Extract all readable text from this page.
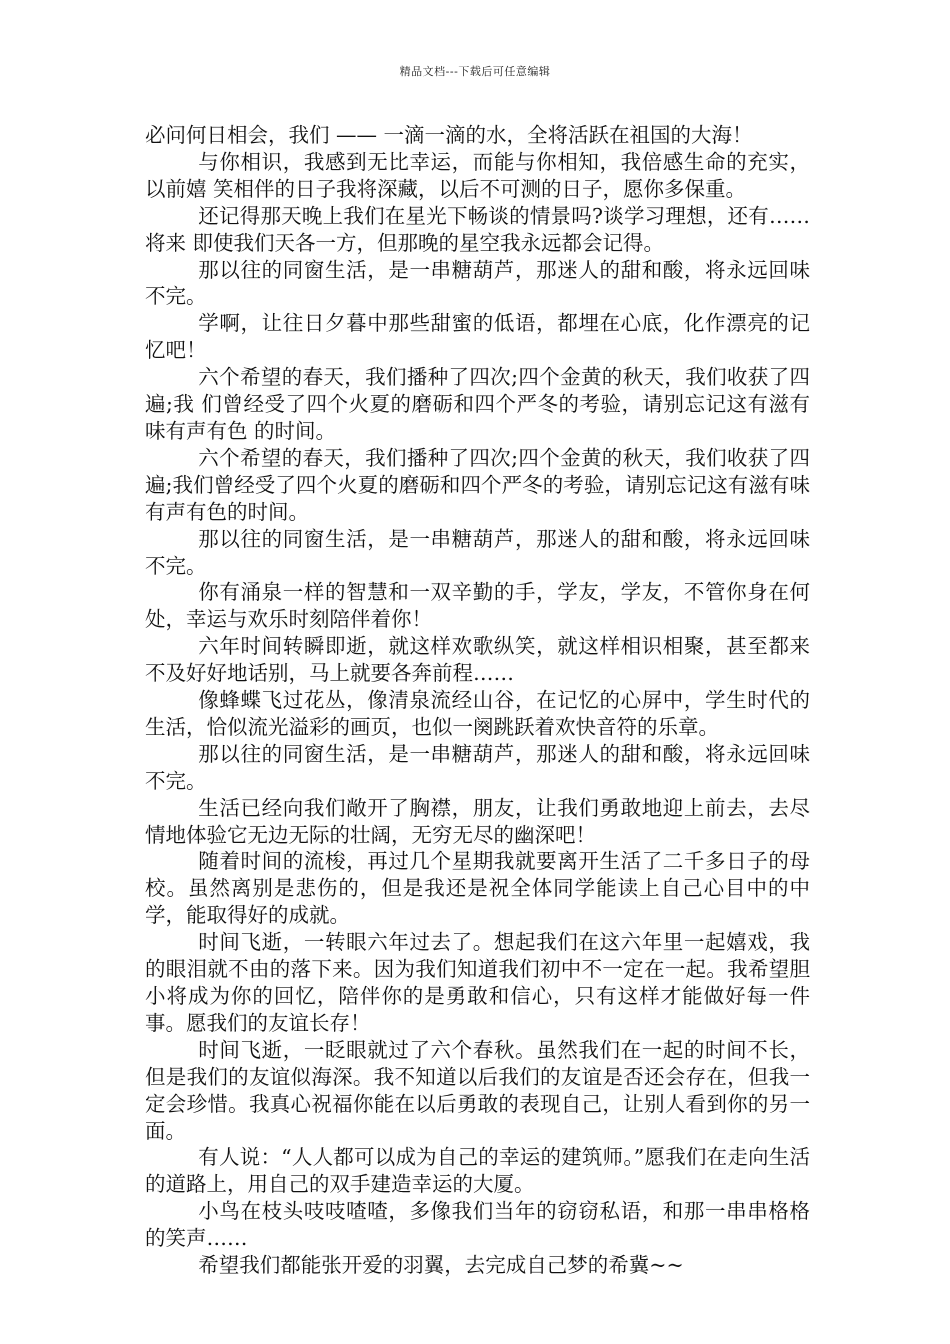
精品文档---下载后可任意编辑

必问何日相会，我们 —— 一滴一滴的水，全将活跃在祖国的大海！

与你相识，我感到无比幸运，而能与你相知，我倍感生命的充实，以前嬉 笑相伴的日子我将深藏，以后不可测的日子，愿你多保重。

还记得那天晚上我们在星光下畅谈的情景吗?谈学习理想，还有……将来 即使我们天各一方，但那晚的星空我永远都会记得。

那以往的同窗生活，是一串糖葫芦，那迷人的甜和酸，将永远回味不完。

学啊，让往日夕暮中那些甜蜜的低语，都埋在心底，化作漂亮的记忆吧！

六个希望的春天，我们播种了四次;四个金黄的秋天，我们收获了四遍;我 们曾经受了四个火夏的磨砺和四个严冬的考验，请别忘记这有滋有味有声有色 的时间。

六个希望的春天，我们播种了四次;四个金黄的秋天，我们收获了四遍;我们曾经受了四个火夏的磨砺和四个严冬的考验，请别忘记这有滋有味有声有色的时间。

那以往的同窗生活，是一串糖葫芦，那迷人的甜和酸，将永远回味不完。

你有涌泉一样的智慧和一双辛勤的手，学友，学友，不管你身在何处，幸运与欢乐时刻陪伴着你！

六年时间转瞬即逝，就这样欢歌纵笑，就这样相识相聚，甚至都来不及好好地话别，马上就要各奔前程……

像蜂蝶飞过花丛，像清泉流经山谷，在记忆的心屏中，学生时代的生活，恰似流光溢彩的画页，也似一阕跳跃着欢快音符的乐章。

那以往的同窗生活，是一串糖葫芦，那迷人的甜和酸，将永远回味不完。

生活已经向我们敞开了胸襟，朋友，让我们勇敢地迎上前去，去尽情地体验它无边无际的壮阔，无穷无尽的幽深吧！

随着时间的流梭，再过几个星期我就要离开生活了二千多日子的母校。虽然离别是悲伤的，但是我还是祝全体同学能读上自己心目中的中学，能取得好的成就。

时间飞逝，一转眼六年过去了。想起我们在这六年里一起嬉戏，我的眼泪就不由的落下来。因为我们知道我们初中不一定在一起。我希望胆小将成为你的回忆，陪伴你的是勇敢和信心，只有这样才能做好每一件事。愿我们的友谊长存！

时间飞逝，一眨眼就过了六个春秋。虽然我们在一起的时间不长，但是我们的友谊似海深。我不知道以后我们的友谊是否还会存在，但我一定会珍惜。我真心祝福你能在以后勇敢的表现自己，让别人看到你的另一面。

有人说：“人人都可以成为自己的幸运的建筑师。”愿我们在走向生活的道路上，用自己的双手建造幸运的大厦。

小鸟在枝头吱吱喳喳，多像我们当年的窃窃私语，和那一串串格格的笑声……

希望我们都能张开爱的羽翼，去完成自己梦的希冀~~
